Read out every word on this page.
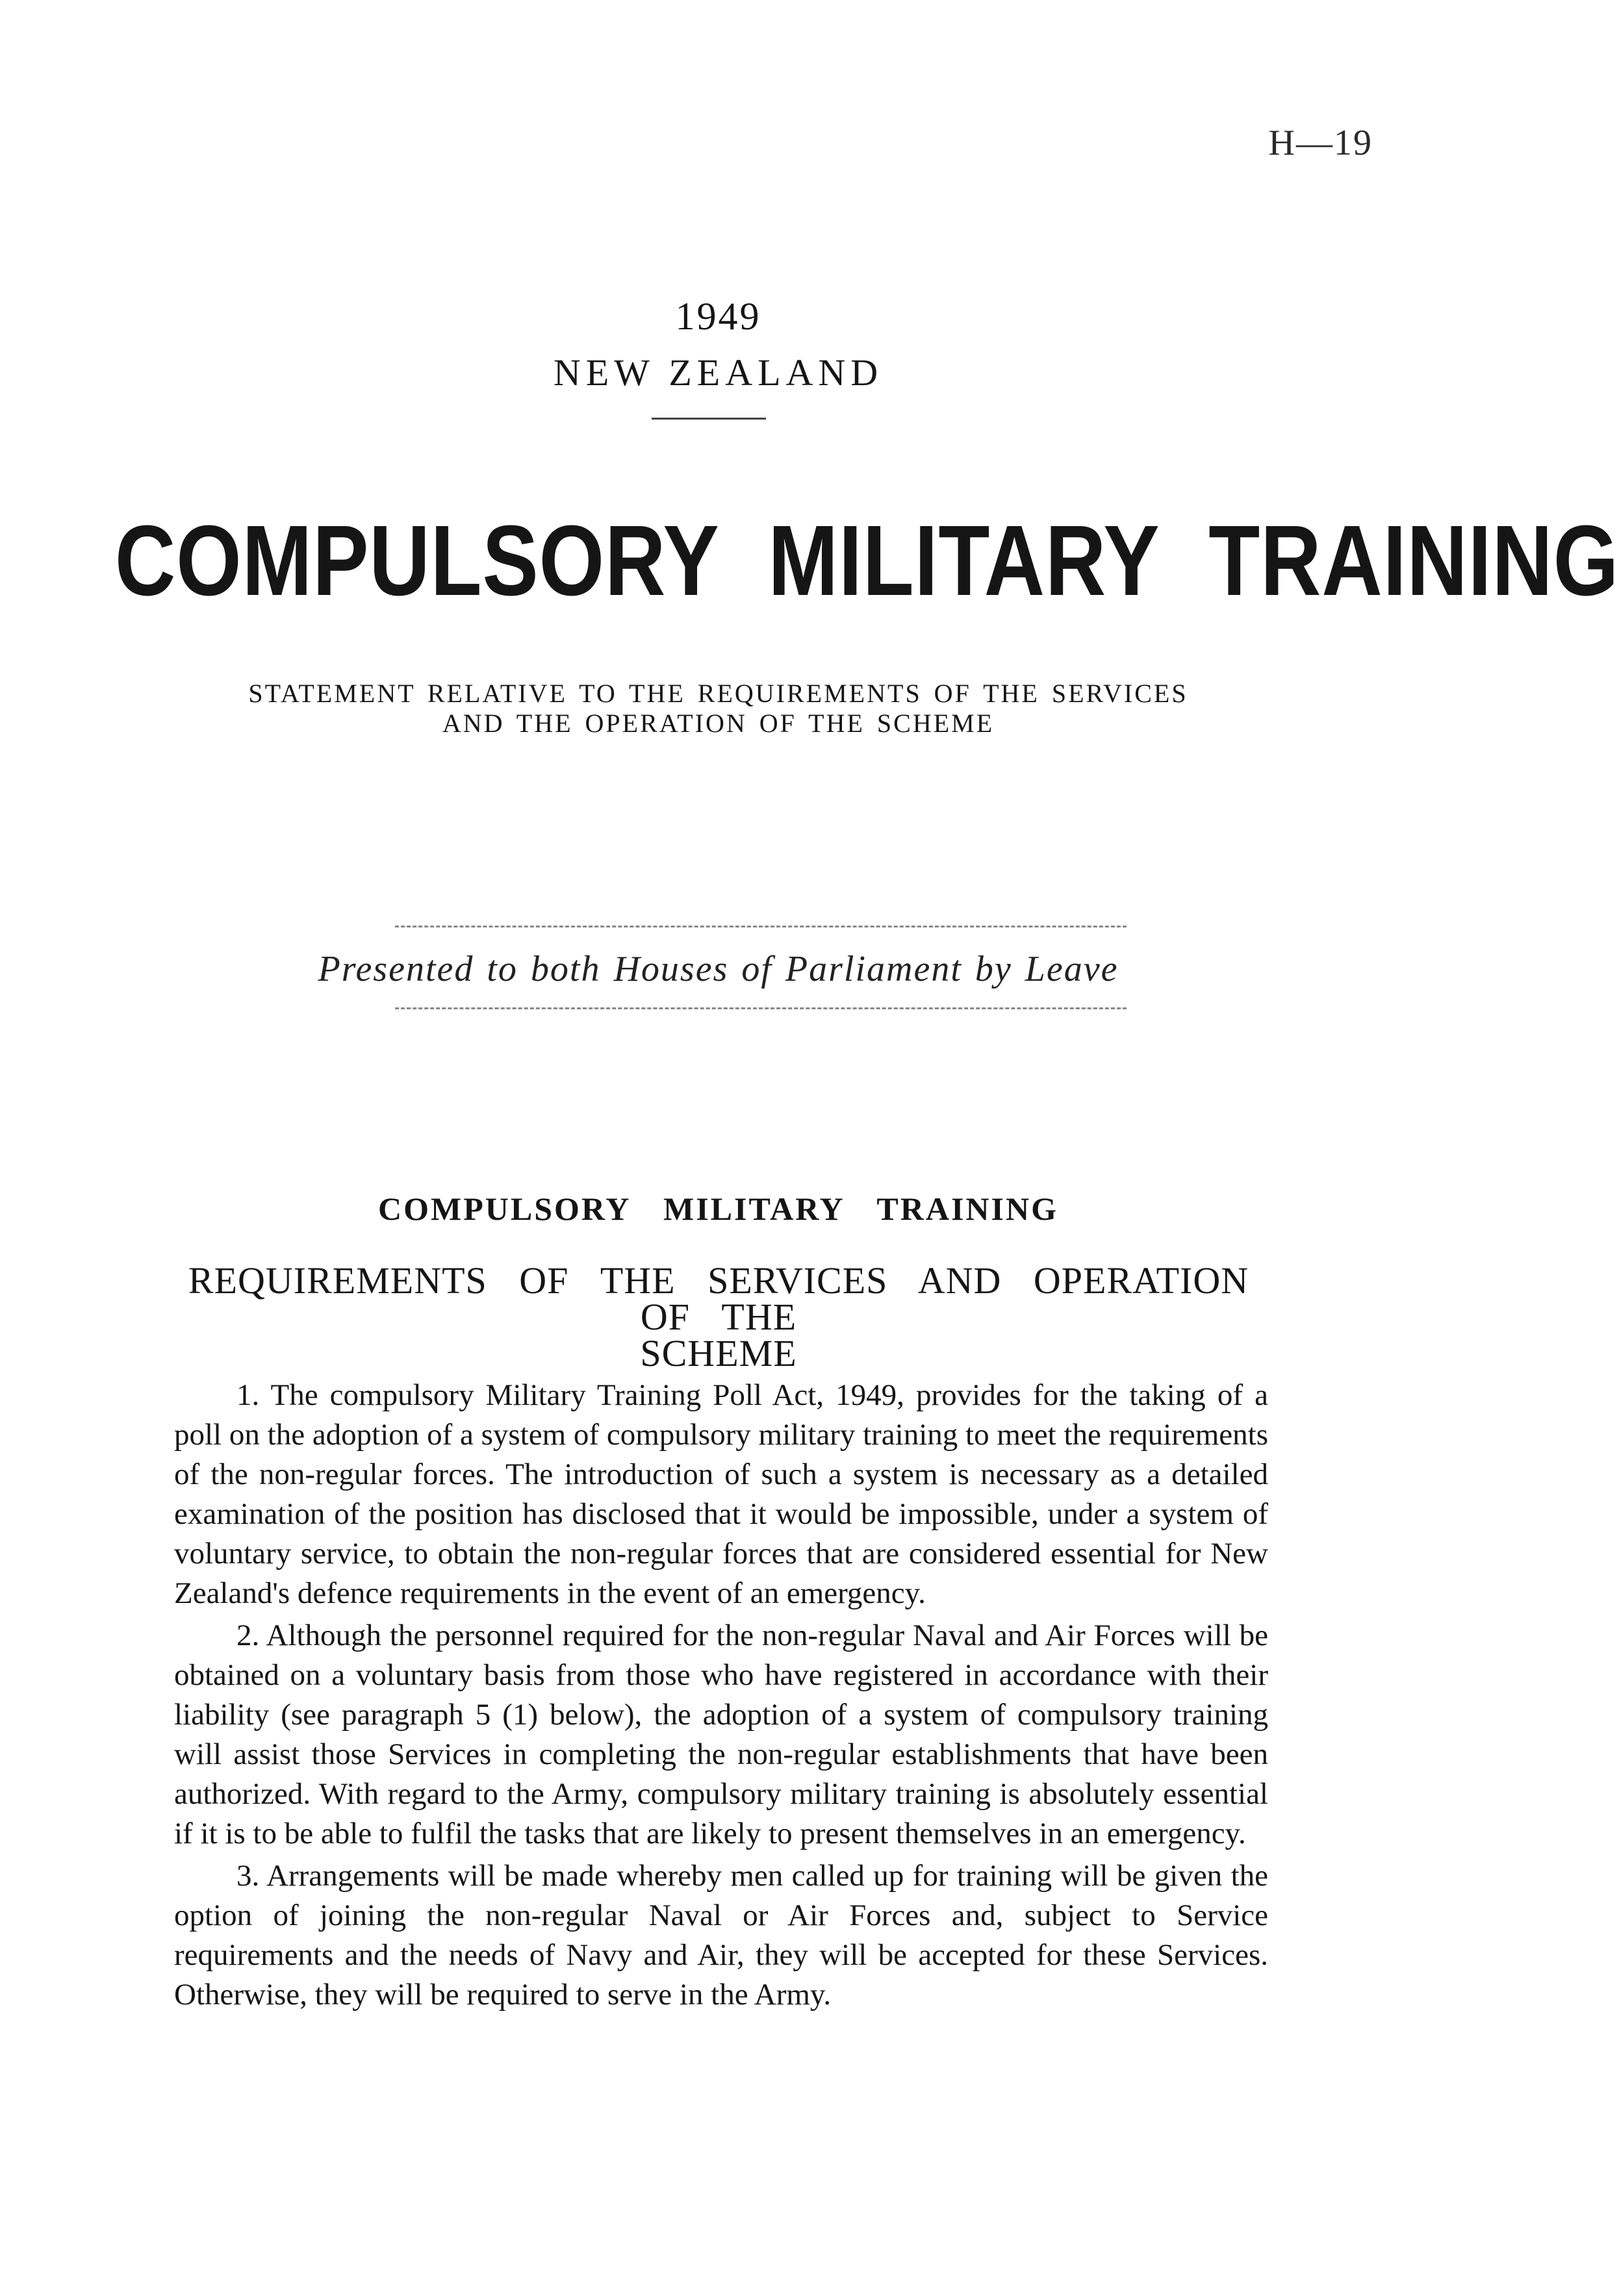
H—19
1949
NEW ZEALAND
COMPULSORY MILITARY TRAINING
STATEMENT RELATIVE TO THE REQUIREMENTS OF THE SERVICES
AND THE OPERATION OF THE SCHEME
Presented to both Houses of Parliament by Leave
COMPULSORY MILITARY TRAINING
REQUIREMENTS OF THE SERVICES AND OPERATION OF THE
SCHEME

1. The compulsory Military Training Poll Act, 1949, provides for the taking of a poll on the adoption of a system of compulsory military training to meet the requirements of the non-regular forces. The introduction of such a system is necessary as a detailed examination of the position has disclosed that it would be impossible, under a system of voluntary service, to obtain the non-regular forces that are considered essential for New Zealand's defence requirements in the event of an emergency.

2. Although the personnel required for the non-regular Naval and Air Forces will be obtained on a voluntary basis from those who have registered in accordance with their liability (see paragraph 5 (1) below), the adoption of a system of compulsory training will assist those Services in completing the non-regular establishments that have been authorized. With regard to the Army, compulsory military training is absolutely essential if it is to be able to fulfil the tasks that are likely to present themselves in an emergency.

3. Arrangements will be made whereby men called up for training will be given the option of joining the non-regular Naval or Air Forces and, subject to Service requirements and the needs of Navy and Air, they will be accepted for these Services. Otherwise, they will be required to serve in the Army.
